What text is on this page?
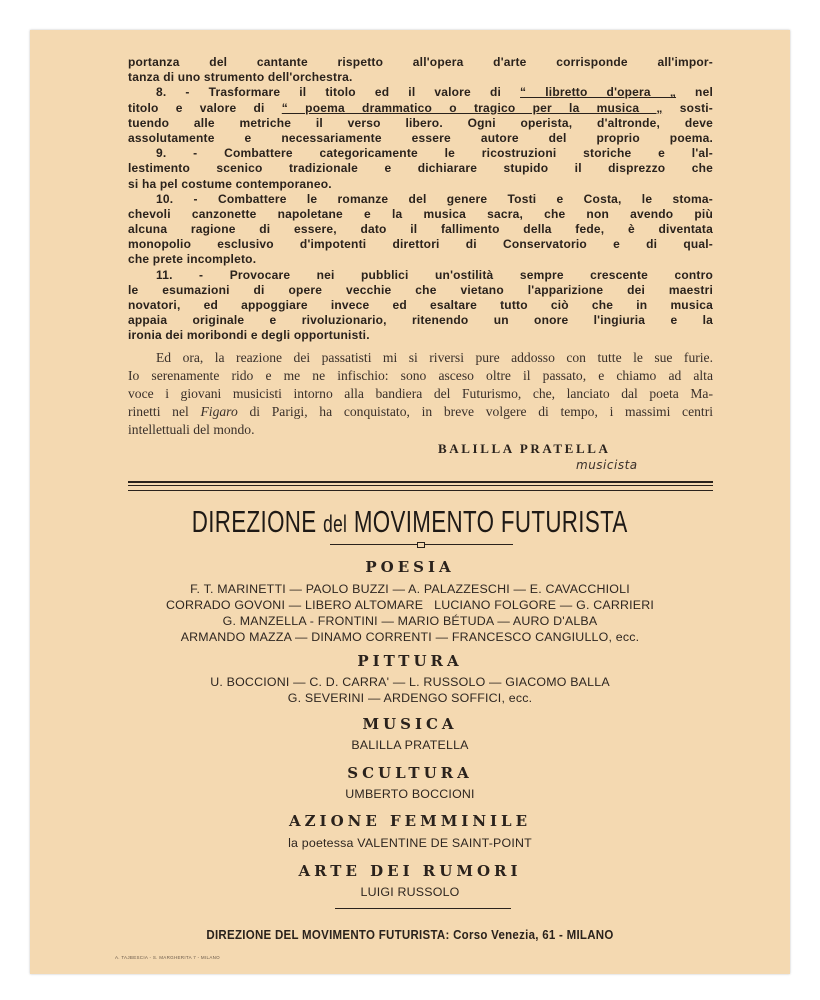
portanza del cantante rispetto all'opera d'arte corrisponde all'impor-
tanza di uno strumento dell'orchestra.
8. - Trasformare il titolo ed il valore di “ libretto d'opera „ nel
titolo e valore di “ poema drammatico o tragico per la musica „ sosti-
tuendo alle metriche il verso libero. Ogni operista, d'altronde, deve
assolutamente e necessariamente essere autore del proprio poema.
9. - Combattere categoricamente le ricostruzioni storiche e l'al-
lestimento scenico tradizionale e dichiarare stupido il disprezzo che
si ha pel costume contemporaneo.
10. - Combattere le romanze del genere Tosti e Costa, le stoma-
chevoli canzonette napoletane e la musica sacra, che non avendo più
alcuna ragione di essere, dato il fallimento della fede, è diventata
monopolio esclusivo d'impotenti direttori di Conservatorio e di qual-
che prete incompleto.
11. - Provocare nei pubblici un'ostilità sempre crescente contro
le esumazioni di opere vecchie che vietano l'apparizione dei maestri
novatori, ed appoggiare invece ed esaltare tutto ciò che in musica
appaia originale e rivoluzionario, ritenendo un onore l'ingiuria e la
ironia dei moribondi e degli opportunisti.
Ed ora, la reazione dei passatisti mi si riversi pure addosso con tutte le sue furie.
Io serenamente rido e me ne infischio: sono asceso oltre il passato, e chiamo ad alta
voce i giovani musicisti intorno alla bandiera del Futurismo, che, lanciato dal poeta Ma-
rinetti nel Figaro di Parigi, ha conquistato, in breve volgere di tempo, i massimi centri
intellettuali del mondo.
BALILLA PRATELLA
musicista
DIREZIONE del MOVIMENTO FUTURISTA
POESIA
F. T. MARINETTI — PAOLO BUZZI — A. PALAZZESCHI — E. CAVACCHIOLI
CORRADO GOVONI — LIBERO ALTOMARE   LUCIANO FOLGORE — G. CARRIERI
G. MANZELLA - FRONTINI — MARIO BÉTUDA — AURO D'ALBA
ARMANDO MAZZA — DINAMO CORRENTI — FRANCESCO CANGIULLO, ecc.
PITTURA
U. BOCCIONI — C. D. CARRA' — L. RUSSOLO — GIACOMO BALLA
G. SEVERINI — ARDENGO SOFFICI, ecc.
MUSICA
BALILLA PRATELLA
SCULTURA
UMBERTO BOCCIONI
AZIONE FEMMINILE
la poetessa VALENTINE DE SAINT-POINT
ARTE DEI RUMORI
LUIGI RUSSOLO
DIREZIONE DEL MOVIMENTO FUTURISTA: Corso Venezia, 61 - MILANO
A. TAJBESCIA - S. MARGHERITA 7 - MILANO
